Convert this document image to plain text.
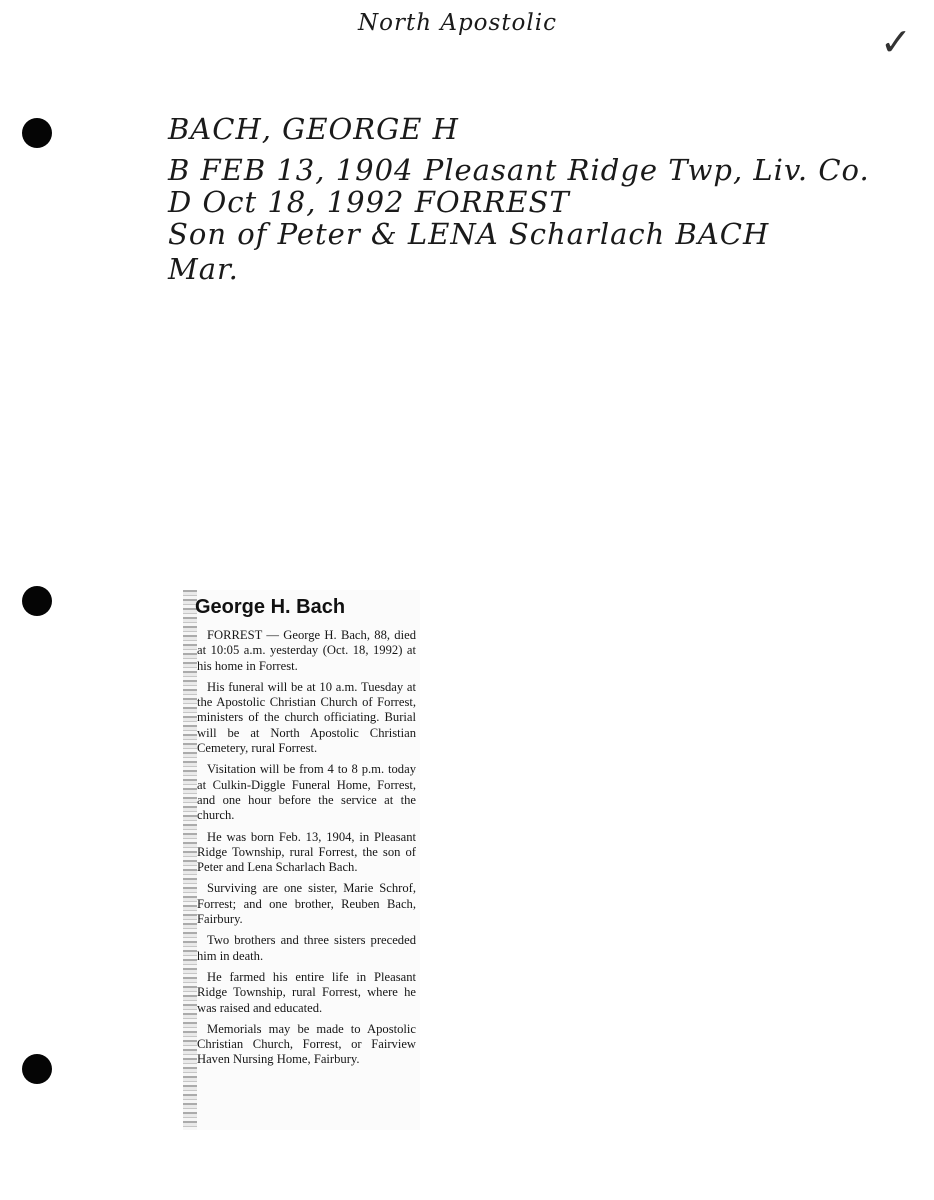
North Apostolic	✓
BACH, GEORGE H
B FEB 13, 1904 Pleasant Ridge Twp, Liv. Co.
D Oct 18, 1992 FORREST
Son of Peter & LENA Scharlach BACH
Mar.
George H. Bach

FORREST — George H. Bach, 88, died at 10:05 a.m. yesterday (Oct. 18, 1992) at his home in Forrest.

His funeral will be at 10 a.m. Tuesday at the Apostolic Christian Church of Forrest, ministers of the church officiating. Burial will be at North Apostolic Christian Cemetery, rural Forrest.

Visitation will be from 4 to 8 p.m. today at Culkin-Diggle Funeral Home, Forrest, and one hour before the service at the church.

He was born Feb. 13, 1904, in Pleasant Ridge Township, rural Forrest, the son of Peter and Lena Scharlach Bach.

Surviving are one sister, Marie Schrof, Forrest; and one brother, Reuben Bach, Fairbury.

Two brothers and three sisters preceded him in death.

He farmed his entire life in Pleasant Ridge Township, rural Forrest, where he was raised and educated.

Memorials may be made to Apostolic Christian Church, Forrest, or Fairview Haven Nursing Home, Fairbury.
